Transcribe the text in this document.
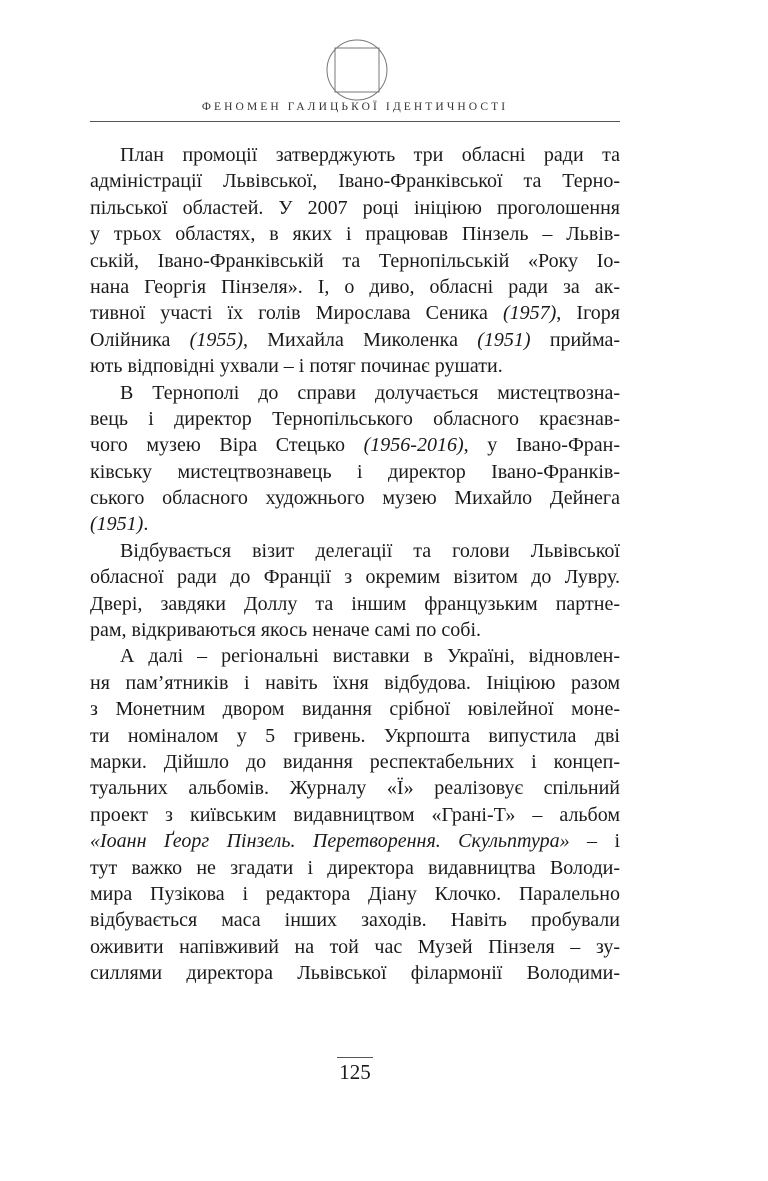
ФЕНОМЕН ГАЛИЦЬКОЇ ІДЕНТИЧНОСТІ
План промоції затверджують три обласні ради та
адміністрації Львівської, Івано-Франківської та Терно-
пільської областей. У 2007 році ініціюю проголошення
у трьох областях, в яких і працював Пінзель – Львів-
ській, Івано-Франківській та Тернопільській «Року Іо-
нана Георгія Пінзеля». І, о диво, обласні ради за ак-
тивної участі їх голів Мирослава Сеника (1957), Ігоря
Олійника (1955), Михайла Миколенка (1951) прийма-
ють відповідні ухвали – і потяг починає рушати.
В Тернополі до справи долучається мистецтвозна-
вець і директор Тернопільського обласного краєзнав-
чого музею Віра Стецько (1956-2016), у Івано-Фран-
ківську мистецтвознавець і директор Івано-Франків-
ського обласного художнього музею Михайло Дейнега
(1951).
Відбувається візит делегації та голови Львівської
обласної ради до Франції з окремим візитом до Лувру.
Двері, завдяки Доллу та іншим французьким партне-
рам, відкриваються якось неначе самі по собі.
А далі – регіональні виставки в Україні, відновлен-
ня пам’ятників і навіть їхня відбудова. Ініціюю разом
з Монетним двором видання срібної ювілейної моне-
ти номіналом у 5 гривень. Укрпошта випустила дві
марки. Дійшло до видання респектабельних і концеп-
туальних альбомів. Журналу «Ї» реалізовує спільний
проект з київським видавництвом «Грані-Т» – альбом
«Іоанн Ґеорг Пінзель. Перетворення. Скульптура» – і
тут важко не згадати і директора видавництва Володи-
мира Пузікова і редактора Діану Клочко. Паралельно
відбувається маса інших заходів. Навіть пробували
оживити напівживий на той час Музей Пінзеля – зу-
силлями директора Львівської філармонії Володими-
125
